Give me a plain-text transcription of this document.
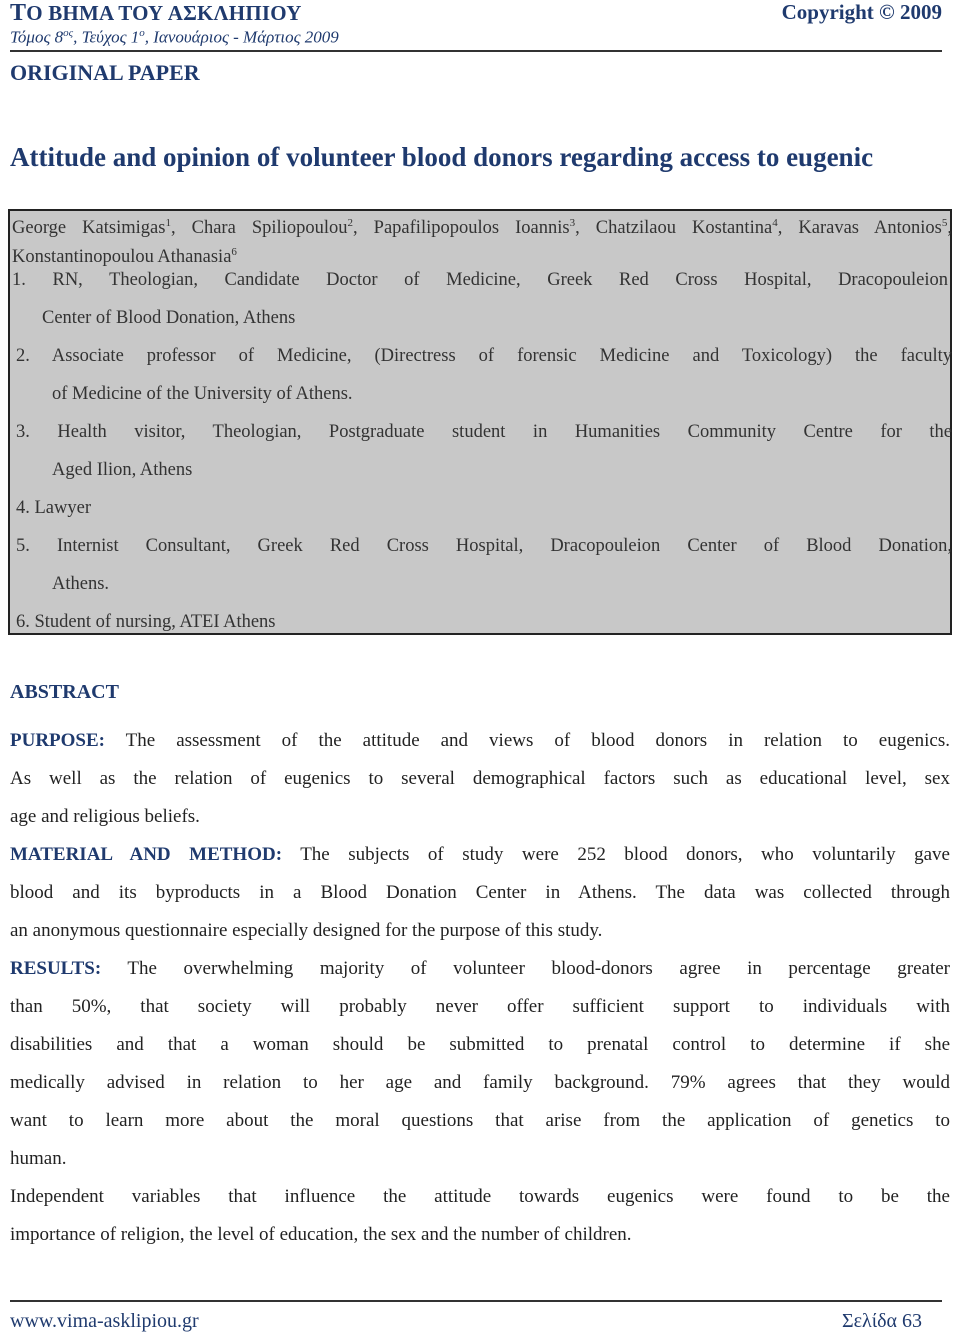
ΤΟ ΒΗΜΑ ΤΟΥ ΑΣΚΛΗΠΙΟΥ	Copyright © 2009
Τόμος $8^{o\varsigma}$, Τεύχος $1^o$, Ιανουάριος - Μάρτιος 2009
ORIGINAL PAPER
Attitude and opinion of volunteer blood donors regarding access to eugenic
George Katsimigas$^1$, Chara Spiliopoulou$^2$, Papafilipopoulos Ioannis$^3$, Chatzilaou Kostantina$^4$, Karavas Antonios$^5$, Konstantinopoulou Athanasia$^6$
1. RN, Theologian, Candidate Doctor of Medicine, Greek Red Cross Hospital, Dracopouleion
Center of Blood Donation, Athens
2. Associate professor of Medicine, (Directress of forensic Medicine and Toxicology) the faculty
of Medicine of the University of Athens.
3. Health visitor, Theologian, Postgraduate student in Humanities Community Centre for the
Aged Ilion, Athens
4. Lawyer
5. Internist Consultant, Greek Red Cross Hospital, Dracopouleion Center of Blood Donation,
Athens.
6. Student of nursing, ATEI Athens
ABSTRACT
PURPOSE: The assessment of the attitude and views of blood donors in relation to eugenics.
As well as the relation of eugenics to several demographical factors such as educational level, sex
age and religious beliefs.
MATERIAL AND METHOD: The subjects of study were 252 blood donors, who voluntarily gave
blood and its byproducts in a Blood Donation Center in Athens. The data was collected through
an anonymous questionnaire especially designed for the purpose of this study.
RESULTS: The overwhelming majority of volunteer blood-donors agree in percentage greater
than 50%, that society will probably never offer sufficient support to individuals with
disabilities and that a woman should be submitted to prenatal control to determine if she
medically advised in relation to her age and family background. 79% agrees that they would
want to learn more about the moral questions that arise from the application of genetics to
human.
Independent variables that influence the attitude towards eugenics were found to be the
importance of religion, the level of education, the sex and the number of children.
www.vima-asklipiou.gr	Σελίδα 63
